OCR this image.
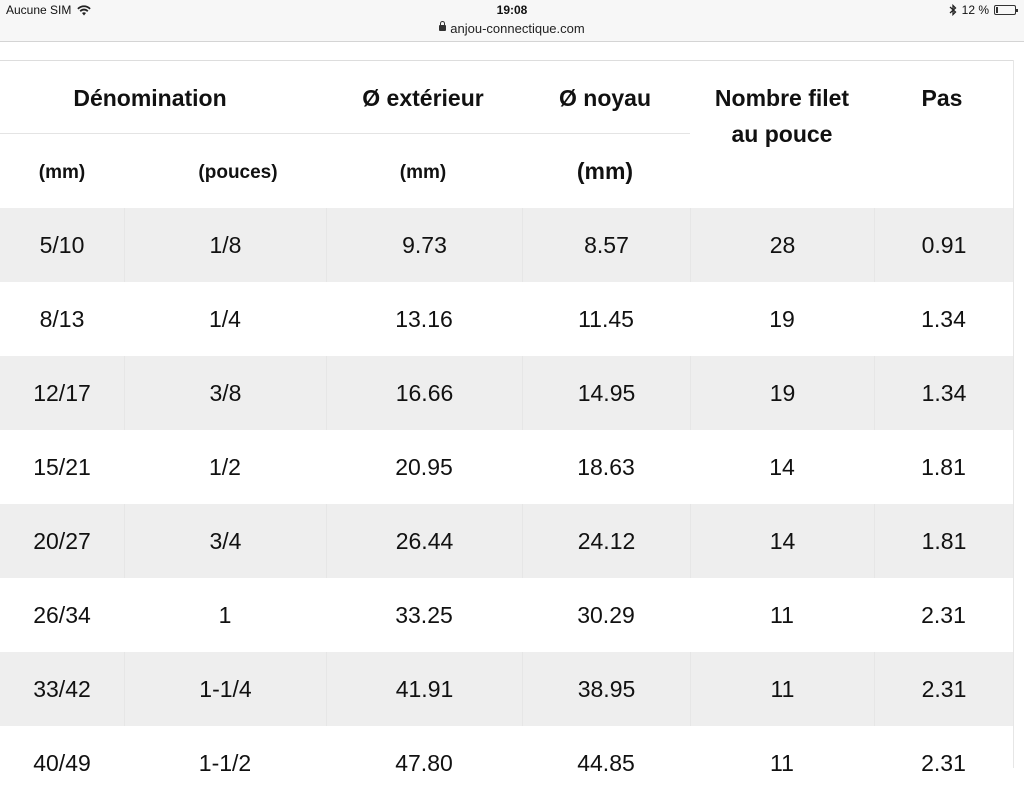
Aucune SIM	19:08
anjou-connectique.com
12 %
Dénomination	Ø extérieur	Ø noyau	Nombre filet
au pouce
Pas
(mm)	(pouces)	(mm)	(mm)
5/10	1/8	9.73	8.57	28	0.91
8/13	1/4	13.16	11.45	19	1.34
12/17	3/8	16.66	14.95	19	1.34
15/21	1/2	20.95	18.63	14	1.81
20/27	3/4	26.44	24.12	14	1.81
26/34	1	33.25	30.29	11	2.31
33/42	1-1/4	41.91	38.95	11	2.31
40/49	1-1/2	47.80	44.85	11	2.31
